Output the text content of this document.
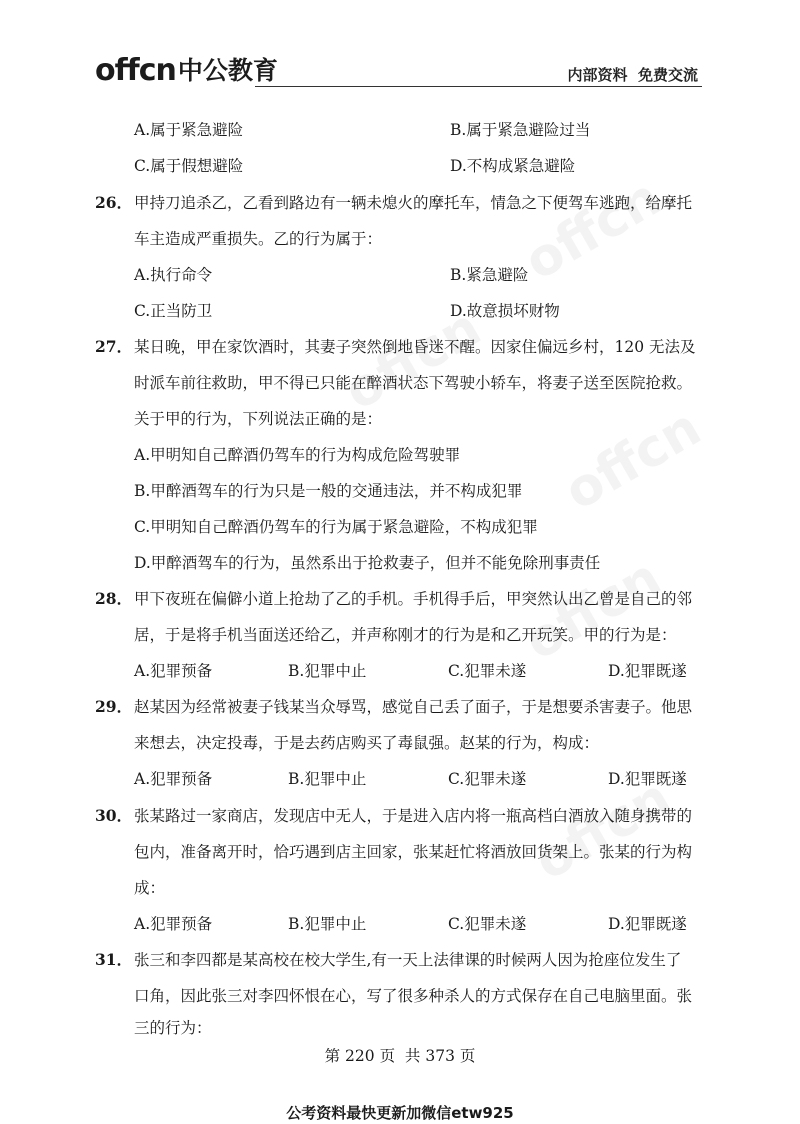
offcn 中公教育	内部资料  免费交流
A.属于紧急避险	B.属于紧急避险过当
C.属于假想避险	D.不构成紧急避险
26． 甲持刀追杀乙，乙看到路边有一辆未熄火的摩托车，情急之下便驾车逃跑，给摩托
车主造成严重损失。乙的行为属于：
A.执行命令	B.紧急避险
C.正当防卫	D.故意损坏财物
27． 某日晚，甲在家饮酒时，其妻子突然倒地昏迷不醒。因家住偏远乡村，120 无法及
时派车前往救助，甲不得已只能在醉酒状态下驾驶小轿车，将妻子送至医院抢救。
关于甲的行为，下列说法正确的是：
A.甲明知自己醉酒仍驾车的行为构成危险驾驶罪
B.甲醉酒驾车的行为只是一般的交通违法，并不构成犯罪
C.甲明知自己醉酒仍驾车的行为属于紧急避险，不构成犯罪
D.甲醉酒驾车的行为，虽然系出于抢救妻子，但并不能免除刑事责任
28． 甲下夜班在偏僻小道上抢劫了乙的手机。手机得手后，甲突然认出乙曾是自己的邻
居，于是将手机当面送还给乙，并声称刚才的行为是和乙开玩笑。甲的行为是：
A.犯罪预备	B.犯罪中止	C.犯罪未遂	D.犯罪既遂
29． 赵某因为经常被妻子钱某当众辱骂，感觉自己丢了面子，于是想要杀害妻子。他思
来想去，决定投毒，于是去药店购买了毒鼠强。赵某的行为，构成：
A.犯罪预备	B.犯罪中止	C.犯罪未遂	D.犯罪既遂
30． 张某路过一家商店，发现店中无人，于是进入店内将一瓶高档白酒放入随身携带的
包内，准备离开时，恰巧遇到店主回家，张某赶忙将酒放回货架上。张某的行为构
成：
A.犯罪预备	B.犯罪中止	C.犯罪未遂	D.犯罪既遂
31． 张三和李四都是某高校在校大学生,有一天上法律课的时候两人因为抢座位发生了
口角，因此张三对李四怀恨在心，写了很多种杀人的方式保存在自己电脑里面。张
三的行为：
第 220 页  共 373 页
公考资料最快更新加微信etw925
